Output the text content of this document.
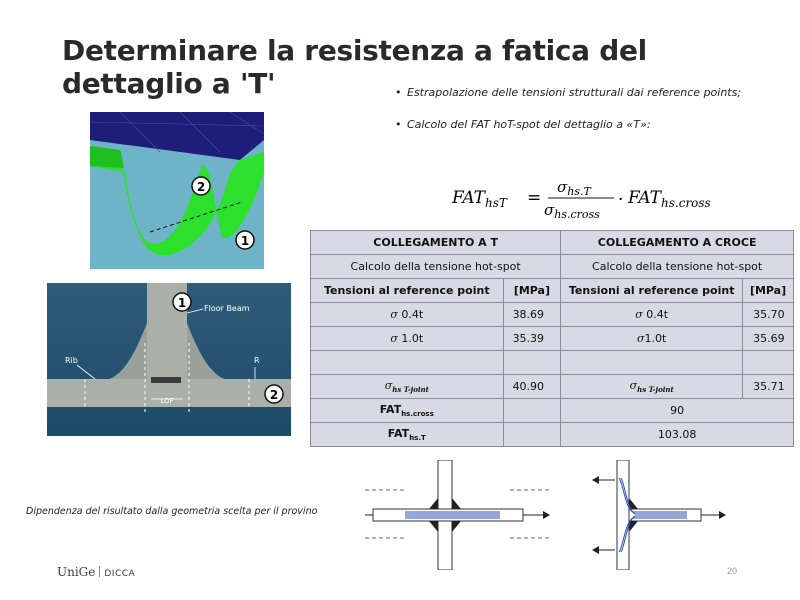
Determinare la resistenza a fatica del dettaglio a 'T'	• Estrapolazione delle tensioni strutturali dai reference points;
• Calcolo del FAT hoT-spot del dettaglio a «T»:
$FAT_{hsT}$ =
$\sigma_{hs.T}$
$\sigma_{hs.cross}$
· $FAT_{hs.cross}$
2
1
LOF
Floor Beam
Rib	R
1
2
COLLEGAMENTO A T		COLLEGAMENTO A CROCE	
Calcolo della tensione hot-spot		Calcolo della tensione hot-spot	
Tensioni al reference point	[MPa]	Tensioni al reference point	[MPa]
σ 0.4t	38.69	σ 0.4t	35.70
σ 1.0t	35.39	σ1.0t	35.69

$\sigma_{hs T-joint}$	40.90	$\sigma_{hs T-joint}$	35.71
$FAT_{hs.cross}$		90	
$FAT_{hs.T}$		103.08	
Dipendenza del risultato dalla geometria scelta per il provino
UniGe DICCA	20
